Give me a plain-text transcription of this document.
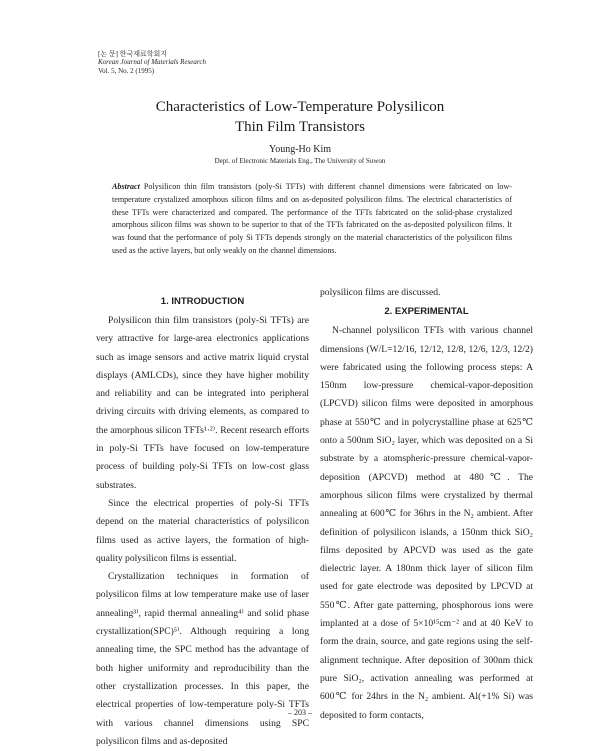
[논 문] 한국재료학회지
Korean Journal of Materials Research
Vol. 5, No. 2 (1995)
Characteristics of Low-Temperature Polysilicon
Thin Film Transistors
Young-Ho Kim
Dept. of Electronic Materials Eng., The University of Suwon

Abstract Polysilicon thin film transistors (poly-Si TFTs) with different channel dimensions were fabricated on low-temperature crystalized amorphous silicon films and on as-deposited polysilicon films. The electrical characteristics of these TFTs were characterized and compared. The performance of the TFTs fabricated on the solid-phase crystalized amorphous silicon films was shown to be superior to that of the TFTs fabricated on the as-deposited polysilicon films. It was found that the performance of poly Si TFTs depends strongly on the material characteristics of the polysilicon films used as the active layers, but only weakly on the channel dimensions.

1. INTRODUCTION

Polysilicon thin film transistors (poly-Si TFTs) are very attractive for large-area electronics applications such as image sensors and active matrix liquid crystal displays (AMLCDs), since they have higher mobility and reliability and can be integrated into peripheral driving circuits with driving elements, as compared to the amorphous silicon TFTs¹·²⁾. Recent research efforts in poly-Si TFTs have focused on low-temperature process of building poly-Si TFTs on low-cost glass substrates.

Since the electrical properties of poly-Si TFTs depend on the material characteristics of polysilicon films used as active layers, the formation of high-quality polysilicon films is essential.

Crystallization techniques in formation of polysilicon films at low temperature make use of laser annealing³⁾, rapid thermal annealing⁴⁾ and solid phase crystallization(SPC)⁵⁾. Although requiring a long annealing time, the SPC method has the advantage of both higher uniformity and reproducibility than the other crystallization processes. In this paper, the electrical properties of low-temperature poly-Si TFTs with various channel dimensions using SPC polysilicon films and as-deposited

polysilicon films are discussed.

2. EXPERIMENTAL

N-channel polysilicon TFTs with various channel dimensions (W/L=12/16, 12/12, 12/8, 12/6, 12/3, 12/2) were fabricated using the following process steps: A 150nm low-pressure chemical-vapor-deposition (LPCVD) silicon films were deposited in amorphous phase at 550℃ and in polycrystalline phase at 625℃ onto a 500nm SiO₂ layer, which was deposited on a Si substrate by a atomspheric-pressure chemical-vapor-deposition (APCVD) method at 480℃. The amorphous silicon films were crystalized by thermal annealing at 600℃ for 36hrs in the N₂ ambient. After definition of polysilicon islands, a 150nm thick SiO₂ films deposited by APCVD was used as the gate dielectric layer. A 180nm thick layer of silicon film used for gate electrode was deposited by LPCVD at 550℃. After gate patterning, phosphorous ions were implanted at a dose of 5×10¹⁵cm⁻² and at 40 KeV to form the drain, source, and gate regions using the self-alignment technique. After deposition of 300nm thick pure SiO₂, activation annealing was performed at 600℃ for 24hrs in the N₂ ambient. Al(+1% Si) was deposited to form contacts,

– 203 –
